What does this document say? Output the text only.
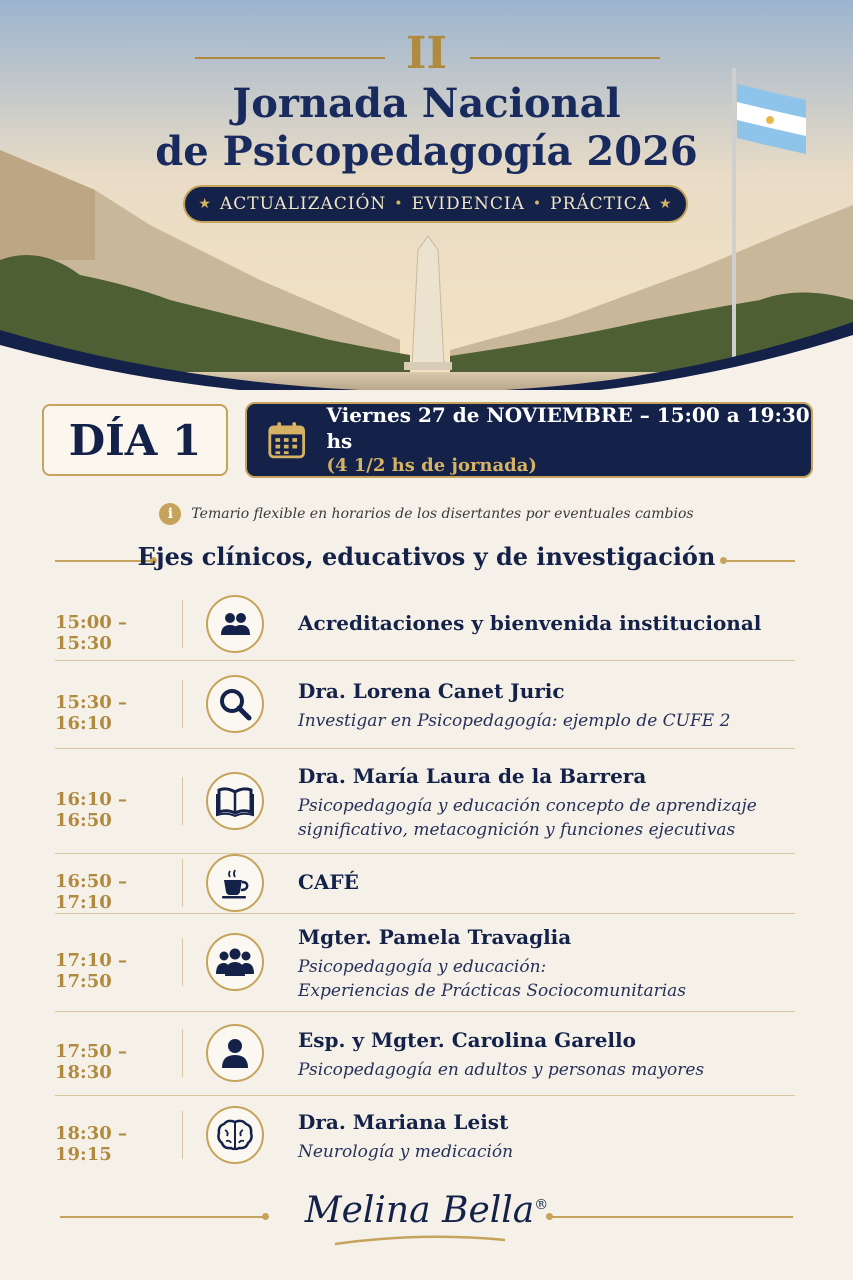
II
Jornada Nacional
de Psicopedagogía 2026
★ ACTUALIZACIÓN • EVIDENCIA • PRÁCTICA ★
DÍA 1
Viernes 27 de NOVIEMBRE – 15:00 a 19:30 hs
(4 1/2 hs de jornada)
i	Temario flexible en horarios de los disertantes por eventuales cambios
Ejes clínicos, educativos y de investigación
15:00 – 15:30
Acreditaciones y bienvenida institucional
15:30 – 16:10
Dra. Lorena Canet Juric
Investigar en Psicopedagogía: ejemplo de CUFE 2
16:10 – 16:50
Dra. María Laura de la Barrera
Psicopedagogía y educación concepto de aprendizaje
significativo, metacognición y funciones ejecutivas
16:50 – 17:10
CAFÉ
17:10 – 17:50
Mgter. Pamela Travaglia
Psicopedagogía y educación:
Experiencias de Prácticas Sociocomunitarias
17:50 – 18:30
Esp. y Mgter. Carolina Garello
Psicopedagogía en adultos y personas mayores
18:30 – 19:15
Dra. Mariana Leist
Neurología y medicación
Melina Bella®
